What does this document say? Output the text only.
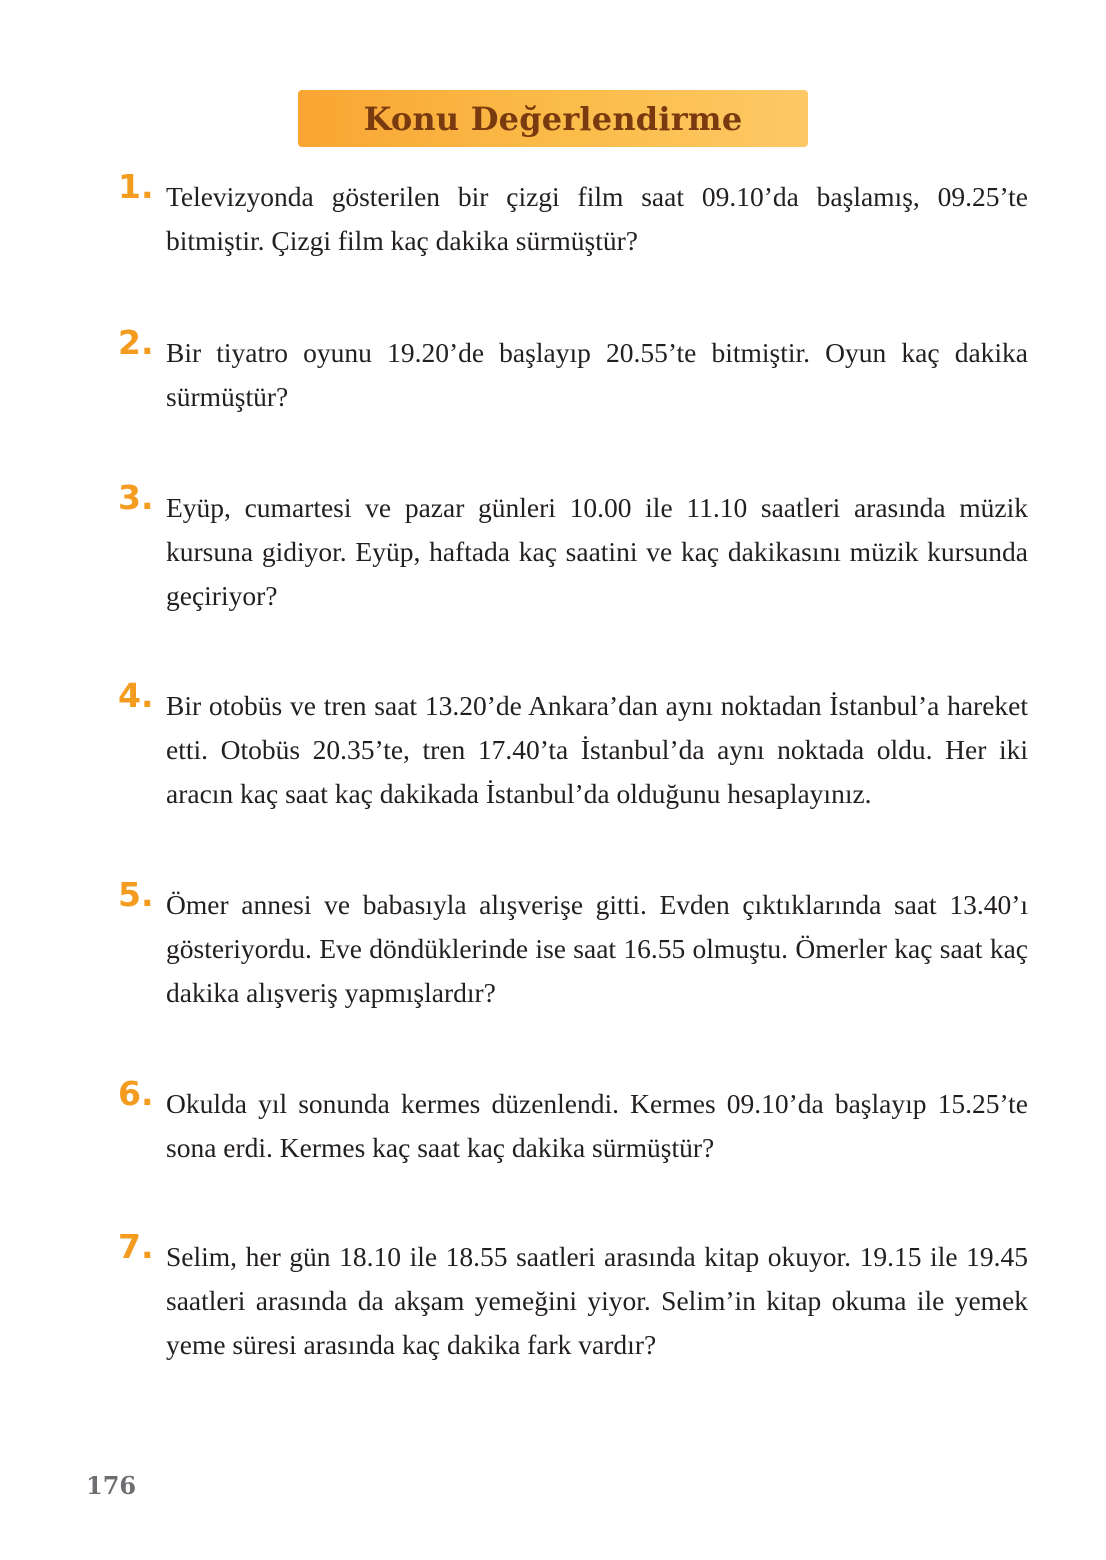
Konu Değerlendirme
1. Televizyonda gösterilen bir çizgi film saat 09.10’da başlamış, 09.25’te bitmiştir. Çizgi film kaç dakika sürmüştür?
2. Bir tiyatro oyunu 19.20’de başlayıp 20.55’te bitmiştir. Oyun kaç dakika sürmüştür?
3. Eyüp, cumartesi ve pazar günleri 10.00 ile 11.10 saatleri arasında müzik kursuna gidiyor. Eyüp, haftada kaç saatini ve kaç dakikasını müzik kursunda geçiriyor?
4. Bir otobüs ve tren saat 13.20’de Ankara’dan aynı noktadan İstanbul’a hareket etti. Otobüs 20.35’te, tren 17.40’ta İstanbul’da aynı noktada oldu. Her iki aracın kaç saat kaç dakikada İstanbul’da olduğunu hesaplayınız.
5. Ömer annesi ve babasıyla alışverişe gitti. Evden çıktıklarında saat 13.40’ı gösteriyordu. Eve döndüklerinde ise saat 16.55 olmuştu. Ömerler kaç saat kaç dakika alışveriş yapmışlardır?
6. Okulda yıl sonunda kermes düzenlendi. Kermes 09.10’da başlayıp 15.25’te sona erdi. Kermes kaç saat kaç dakika sürmüştür?
7. Selim, her gün 18.10 ile 18.55 saatleri arasında kitap okuyor. 19.15 ile 19.45 saatleri arasında da akşam yemeğini yiyor. Selim’in kitap okuma ile yemek yeme süresi arasında kaç dakika fark vardır?
176
